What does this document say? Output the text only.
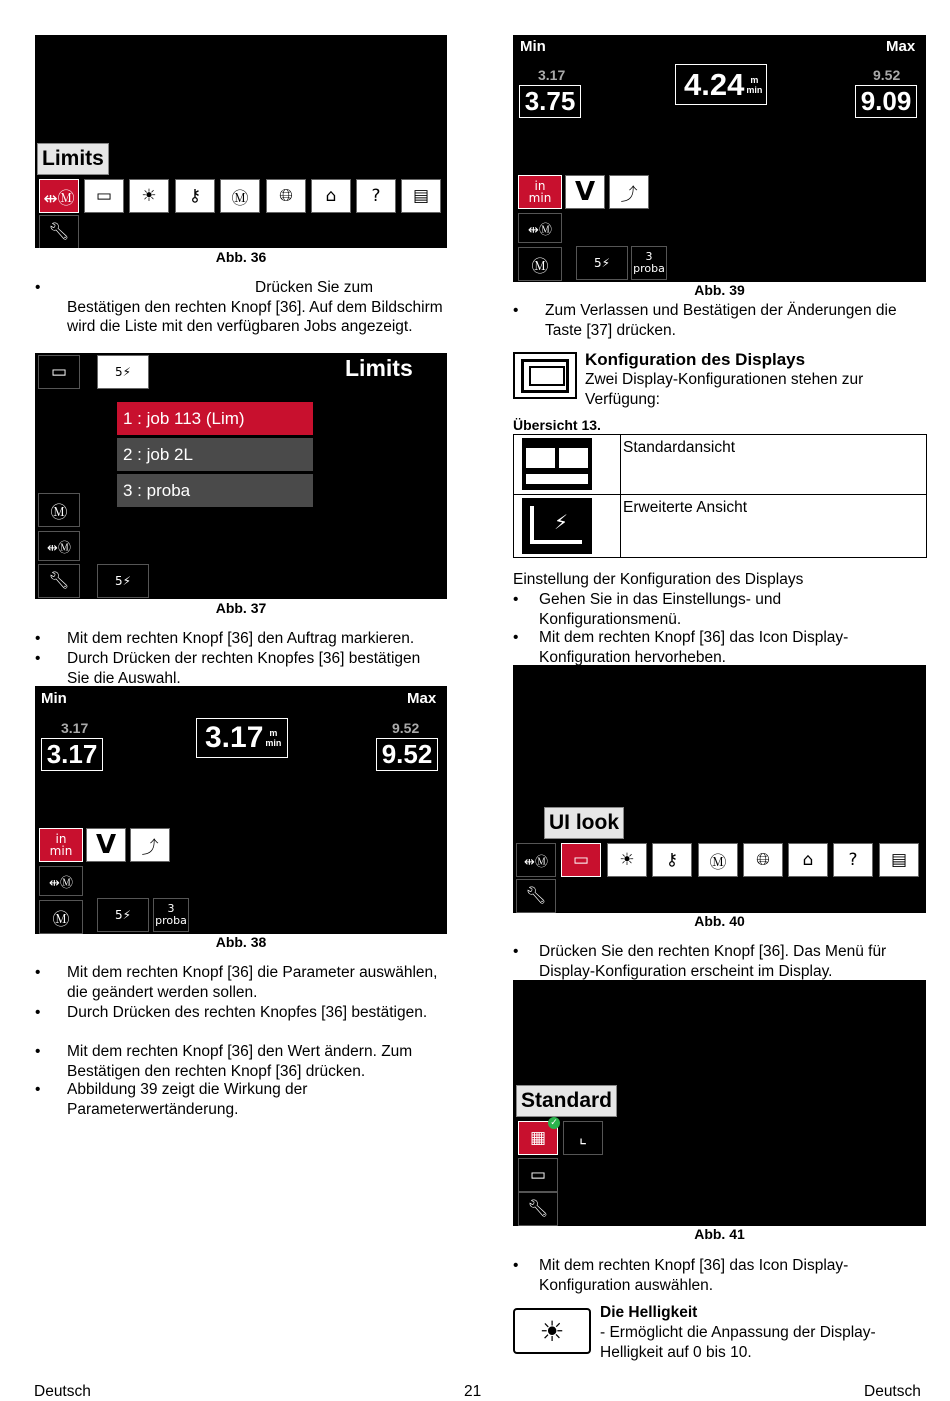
Limits
⇹Ⓜ	▭	☀	⚷	Ⓜ	🌐︎	⌂	?	▤
🔧︎
Abb. 36
•	Drücken Sie zum Bestätigen den rechten Knopf [36]. Auf dem Bildschirm wird die Liste mit den verfügbaren Jobs angezeigt.
▭	5 ⚡	Limits
1 : job 113 (Lim)
2 : job 2L
3 : proba
Ⓜ
⇹Ⓜ
🔧︎	5⚡
Abb. 37
• Mit dem rechten Knopf [36] den Auftrag markieren.
• Durch Drücken der rechten Knopfes [36] bestätigen Sie die Auswahl.
Min	Max
3.17
3.17	3.17 m
min
9.52
9.52
in
min V	⤴
⇹Ⓜ
Ⓜ	5 ⚡	3
proba
Abb. 38
• Mit dem rechten Knopf [36] die Parameter auswählen, die geändert werden sollen.
• Durch Drücken des rechten Knopfes [36] bestätigen.
• Mit dem rechten Knopf [36] den Wert ändern. Zum Bestätigen den rechten Knopf [36] drücken.
• Abbildung 39 zeigt die Wirkung der Parameterwertänderung.
Min	Max
3.17
3.75	4.24 m
min
9.52
9.09
in
min V	⤴
⇹Ⓜ
Ⓜ	5 ⚡	3
proba
Abb. 39
• Zum Verlassen und Bestätigen der Änderungen die Taste [37] drücken.
Konfiguration des Displays
Zwei Display-Konfigurationen stehen zur Verfügung:
Übersicht 13.
	Standardansicht

⚡	Erweiterte Ansicht
Einstellung der Konfiguration des Displays
• Gehen Sie in das Einstellungs- und Konfigurationsmenü.
• Mit dem rechten Knopf [36] das Icon Display-Konfiguration hervorheben.
UI look
⇹Ⓜ	▭	☀	⚷	Ⓜ	🌐︎	⌂	?	▤
🔧︎
Abb. 40
• Drücken Sie den rechten Knopf [36]. Das Menü für Display-Konfiguration erscheint im Display.
Standard
▦
✓
⌞
▭
🔧︎
Abb. 41
• Mit dem rechten Knopf [36] das Icon Display-Konfiguration auswählen.
☀
Die Helligkeit
- Ermöglicht die Anpassung der Display-Helligkeit auf 0 bis 10.
Deutsch	21	Deutsch
